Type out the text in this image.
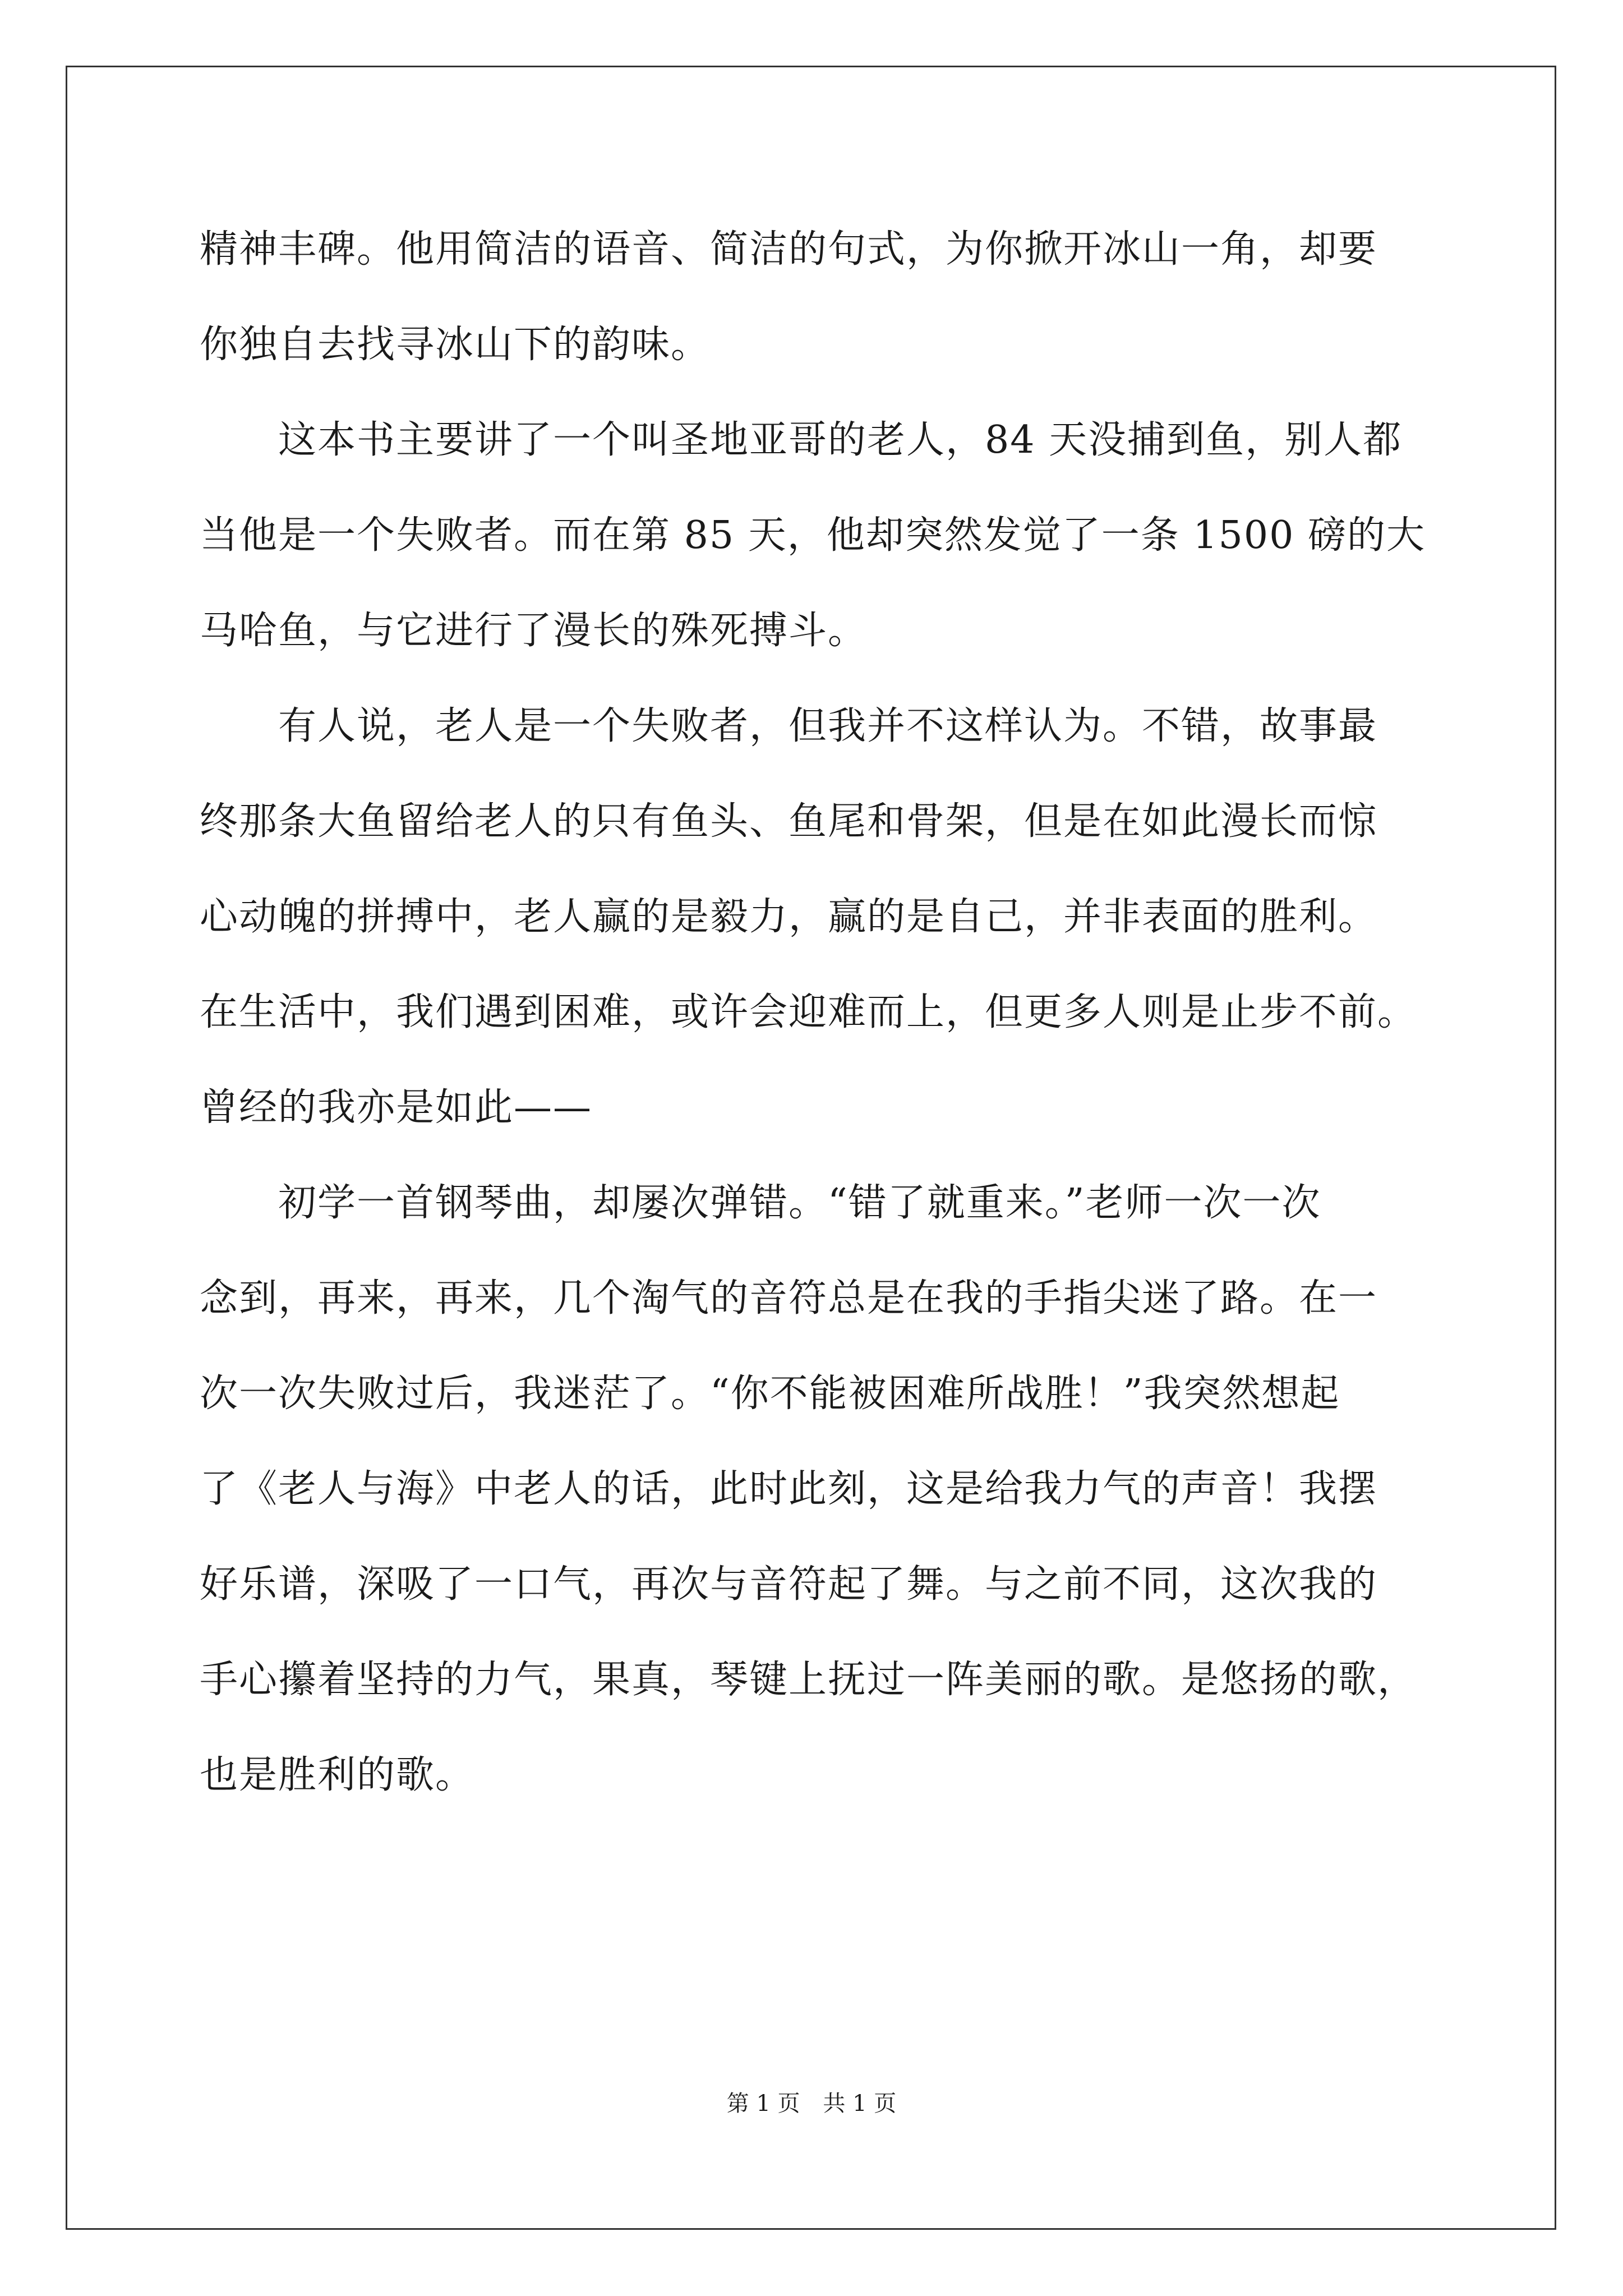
精神丰碑。他用简洁的语音、简洁的句式，为你掀开冰山一角，却要
你独自去找寻冰山下的韵味。
这本书主要讲了一个叫圣地亚哥的老人，84 天没捕到鱼，别人都
当他是一个失败者。而在第 85 天，他却突然发觉了一条 1500 磅的大
马哈鱼，与它进行了漫长的殊死搏斗。
有人说，老人是一个失败者，但我并不这样认为。不错，故事最
终那条大鱼留给老人的只有鱼头、鱼尾和骨架，但是在如此漫长而惊
心动魄的拼搏中，老人赢的是毅力，赢的是自己，并非表面的胜利。
在生活中，我们遇到困难，或许会迎难而上，但更多人则是止步不前。
曾经的我亦是如此——
初学一首钢琴曲，却屡次弹错。“错了就重来。”老师一次一次
念到，再来，再来，几个淘气的音符总是在我的手指尖迷了路。在一
次一次失败过后，我迷茫了。“你不能被困难所战胜！”我突然想起
了《老人与海》中老人的话，此时此刻，这是给我力气的声音！我摆
好乐谱，深吸了一口气，再次与音符起了舞。与之前不同，这次我的
手心攥着坚持的力气，果真，琴键上抚过一阵美丽的歌。是悠扬的歌，
也是胜利的歌。
第 1 页 共 1 页
